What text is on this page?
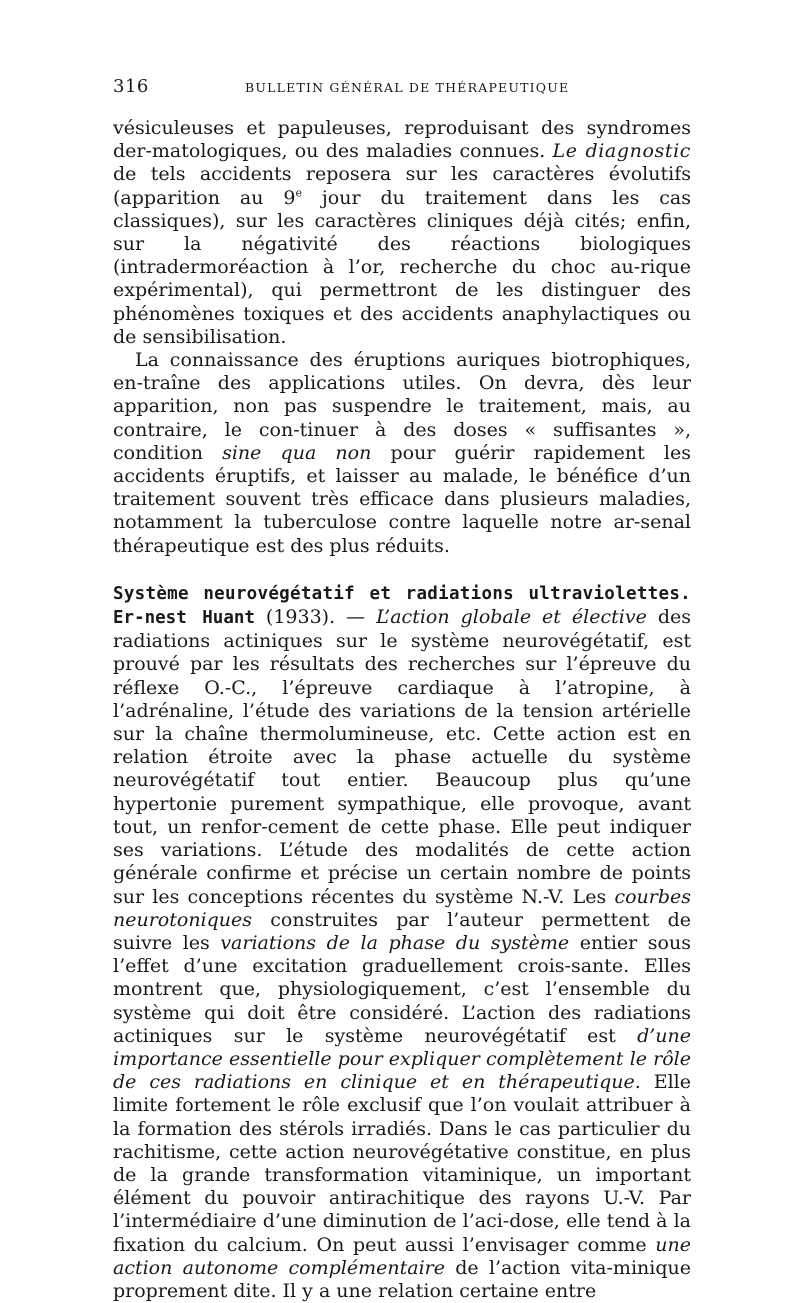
316	BULLETIN GÉNÉRAL DE THÉRAPEUTIQUE

vésiculeuses et papuleuses, reproduisant des syndromes der-matologiques, ou des maladies connues. Le diagnostic de tels accidents reposera sur les caractères évolutifs (apparition au 9e jour du traitement dans les cas classiques), sur les caractères cliniques déjà cités; enfin, sur la négativité des réactions biologiques (intradermoréaction à l’or, recherche du choc au-rique expérimental), qui permettront de les distinguer des phénomènes toxiques et des accidents anaphylactiques ou de sensibilisation.

La connaissance des éruptions auriques biotrophiques, en-traîne des applications utiles. On devra, dès leur apparition, non pas suspendre le traitement, mais, au contraire, le con-tinuer à des doses « suffisantes », condition sine qua non pour guérir rapidement les accidents éruptifs, et laisser au malade, le bénéfice d’un traitement souvent très efficace dans plusieurs maladies, notamment la tuberculose contre laquelle notre ar-senal thérapeutique est des plus réduits.

Système neurovégétatif et radiations ultraviolettes. Er-nest Huant (1933). — L’action globale et élective des radiations actiniques sur le système neurovégétatif, est prouvé par les résultats des recherches sur l’épreuve du réflexe O.-C., l’épreuve cardiaque à l’atropine, à l’adrénaline, l’étude des variations de la tension artérielle sur la chaîne thermolumineuse, etc. Cette action est en relation étroite avec la phase actuelle du système neurovégétatif tout entier. Beaucoup plus qu’une hypertonie purement sympathique, elle provoque, avant tout, un renfor-cement de cette phase. Elle peut indiquer ses variations. L’étude des modalités de cette action générale confirme et précise un certain nombre de points sur les conceptions récentes du système N.-V. Les courbes neurotoniques construites par l’auteur permettent de suivre les variations de la phase du système entier sous l’effet d’une excitation graduellement crois-sante. Elles montrent que, physiologiquement, c’est l’ensemble du système qui doit être considéré. L’action des radiations actiniques sur le système neurovégétatif est d’une importance essentielle pour expliquer complètement le rôle de ces radiations en clinique et en thérapeutique. Elle limite fortement le rôle exclusif que l’on voulait attribuer à la formation des stérols irradiés. Dans le cas particulier du rachitisme, cette action neurovégétative constitue, en plus de la grande transformation vitaminique, un important élément du pouvoir antirachitique des rayons U.-V. Par l’intermédiaire d’une diminution de l’aci-dose, elle tend à la fixation du calcium. On peut aussi l’envisager comme une action autonome complémentaire de l’action vita-minique proprement dite. Il y a une relation certaine entre
